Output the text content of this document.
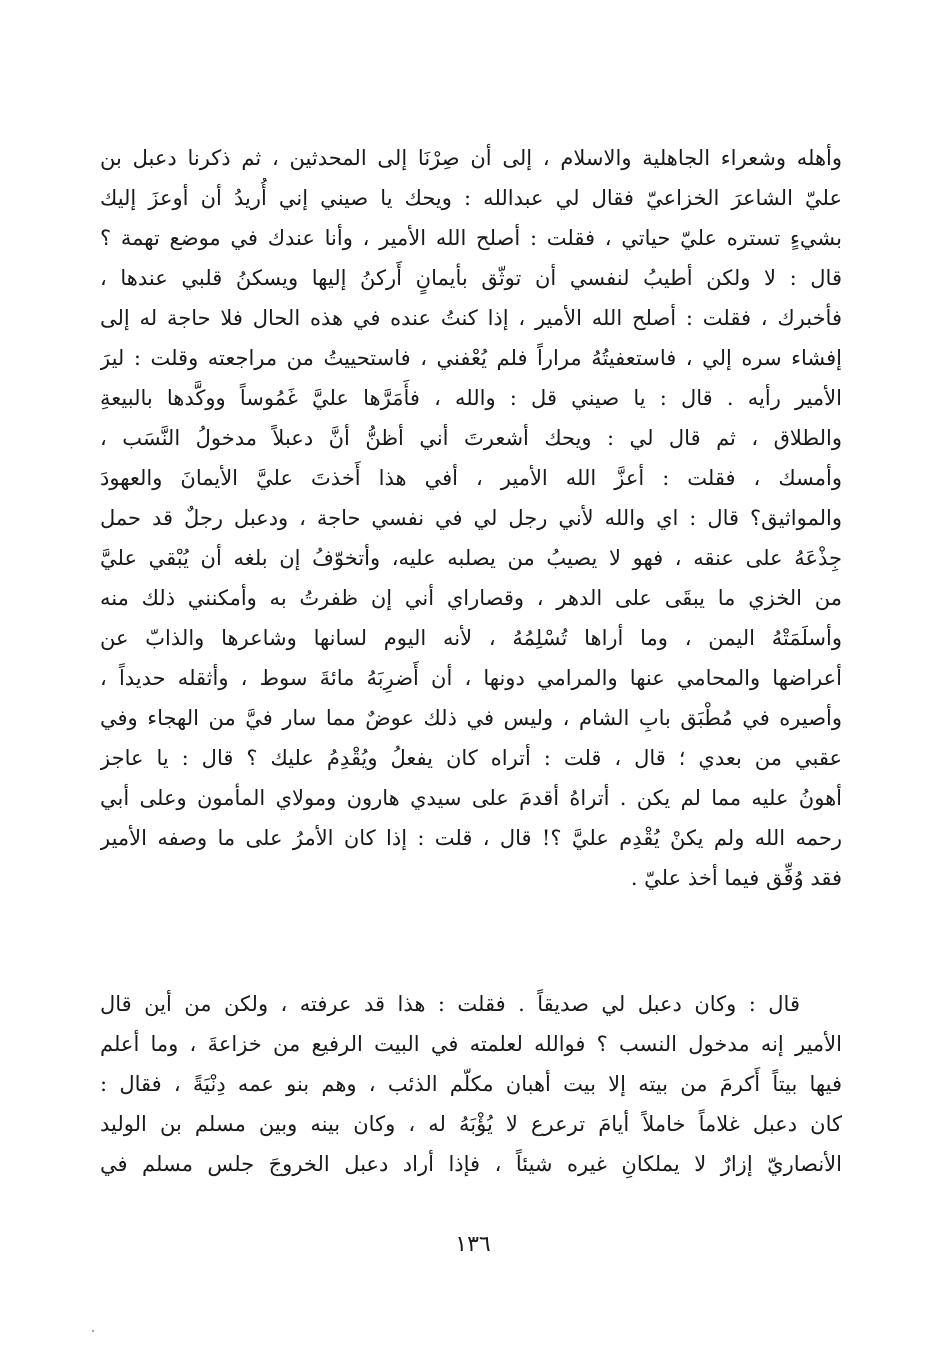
وأهله وشعراء الجاهلية والاسلام ، إلى أن صِرْنَا إلى المحدثين ، ثم ذكرنا دعبل بن
عليّ الشاعرَ الخزاعيّ فقال لي عبدالله : ويحك يا صيني إني أُريدُ أن أوعزَ إليك
بشيءٍ تستره عليّ حياتي ، فقلت : أصلح الله الأمير ، وأنا عندك في موضع تهمة ؟
قال : لا ولكن أطيبُ لنفسي أن توثّق بأيمانٍ أَركنُ إليها ويسكنُ قلبي عندها ،
فأخبرك ، فقلت : أصلح الله الأمير ، إذا كنتُ عنده في هذه الحال فلا حاجة له إلى
إفشاء سره إلي ، فاستعفيتُهُ مراراً فلم يُعْفني ، فاستحييتُ من مراجعته وقلت : ليرَ
الأمير رأيه . قال : يا صيني قل : والله ، فأَمَرَّها عليَّ غَمُوساً ووكَّدها بالبيعةِ
والطلاق ، ثم قال لي : ويحك أشعرتَ أني أظنُّ أنَّ دعبلاً مدخولُ النَّسَب ،
وأمسك ، فقلت : أعزَّ الله الأمير ، أفي هذا أَخذتَ عليَّ الأيمانَ والعهودَ
والمواثيق؟ قال : اي والله لأني رجل لي في نفسي حاجة ، ودعبل رجلٌ قد حمل
جِذْعَهُ على عنقه ، فهو لا يصيبُ من يصلبه عليه، وأتخوّفُ إن بلغه أن يُبْقي عليَّ
من الخزي ما يبقَى على الدهر ، وقصاراي أني إن ظفرتُ به وأمكنني ذلك منه
وأسلَمَتْهُ اليمن ، وما أراها تُسْلِمُهُ ، لأنه اليوم لسانها وشاعرها والذابّ عن
أعراضها والمحامي عنها والمرامي دونها ، أن أَضرِبَهُ مائةَ سوط ، وأثقله حديداً ،
وأصيره في مُطْبَق بابِ الشام ، وليس في ذلك عوضٌ مما سار فيَّ من الهجاء وفي
عقبي من بعدي ؛ قال ، قلت : أتراه كان يفعلُ ويُقْدِمُ عليك ؟ قال : يا عاجز
أهونُ عليه مما لم يكن . أتراهُ أقدمَ على سيدي هارون ومولاي المأمون وعلى أبي
رحمه الله ولم يكنْ يُقْدِم عليَّ ؟! قال ، قلت : إذا كان الأمرُ على ما وصفه الأمير
فقد وُفِّق فيما أخذ عليّ .
قال : وكان دعبل لي صديقاً . فقلت : هذا قد عرفته ، ولكن من أين قال
الأمير إنه مدخول النسب ؟ فوالله لعلمته في البيت الرفيع من خزاعةَ ، وما أعلم
فيها بيتاً أَكرمَ من بيته إلا بيت أهبان مكلّم الذئب ، وهم بنو عمه دِنْيَةً ، فقال :
كان دعبل غلاماً خاملاً أيامَ ترعرع لا يُؤْبَهُ له ، وكان بينه وبين مسلم بن الوليد
الأنصاريّ إزارٌ لا يملكانِ غيره شيئاً ، فإذا أراد دعبل الخروجَ جلس مسلم في
١٣٦
